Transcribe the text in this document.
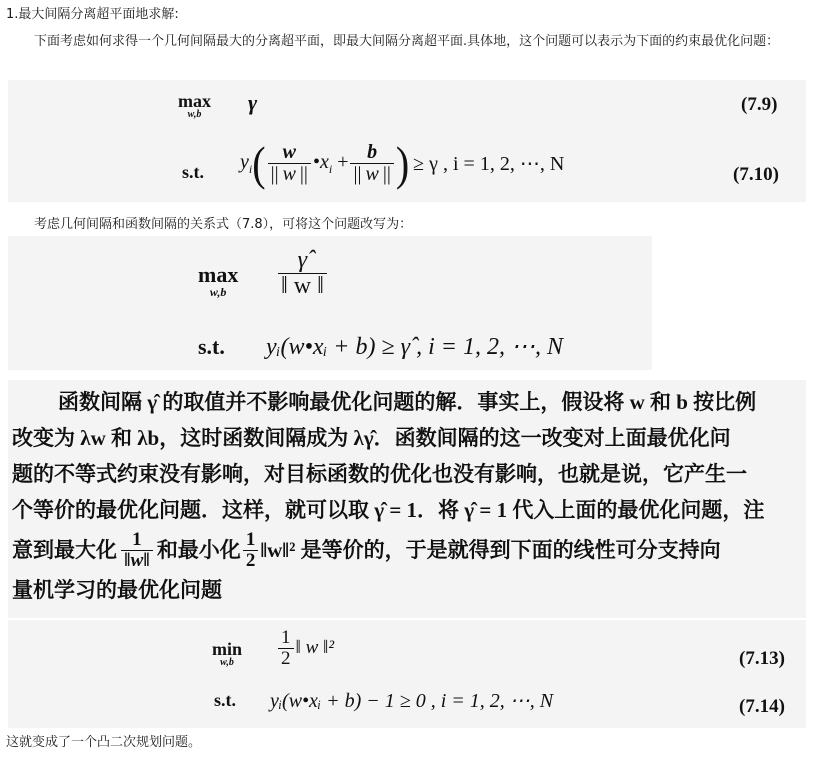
1.最大间隔分离超平面地求解:
下面考虑如何求得一个几何间隔最大的分离超平面，即最大间隔分离超平面.具体地，这个问题可以表示为下面的约束最优化问题：
max
w,b	γ	(7.9)
s.t. $y_i$ ( $\frac{w}{|| w ||}$ $•x_i + \frac{b}{|| w ||}$ ) ≥ γ , i = 1, 2, ⋯, N	(7.10)
考虑几何间隔和函数间隔的关系式（7.8），可将这个问题改写为：
max
w,b	$\frac{\gammâ}{‖ w ‖}$
s.t. yᵢ(w•xᵢ + b) ≥ γ̂ , i = 1, 2, ⋯, N

函数间隔 γ̂ 的取值并不影响最优化问题的解．事实上，假设将 w 和 b 按比例

改变为 λw 和 λb，这时函数间隔成为 λγ̂．函数间隔的这一改变对上面最优化问

题的不等式约束没有影响，对目标函数的优化也没有影响，也就是说，它产生一

个等价的最优化问题．这样，就可以取 γ̂ = 1．将 γ̂ = 1 代入上面的最优化问题，注

意到最大化 $\frac{1}{‖w‖}$ 和最小化 $\frac{1}{2}$ ‖w‖² 是等价的，于是就得到下面的线性可分支持向

量机学习的最优化问题

min
w,b	$\frac{1}{2}$ ‖ w ‖²
(7.13)
s.t. yᵢ(w•xᵢ + b) − 1 ≥ 0 , i = 1, 2, ⋯, N	(7.14)
这就变成了一个凸二次规划问题。
